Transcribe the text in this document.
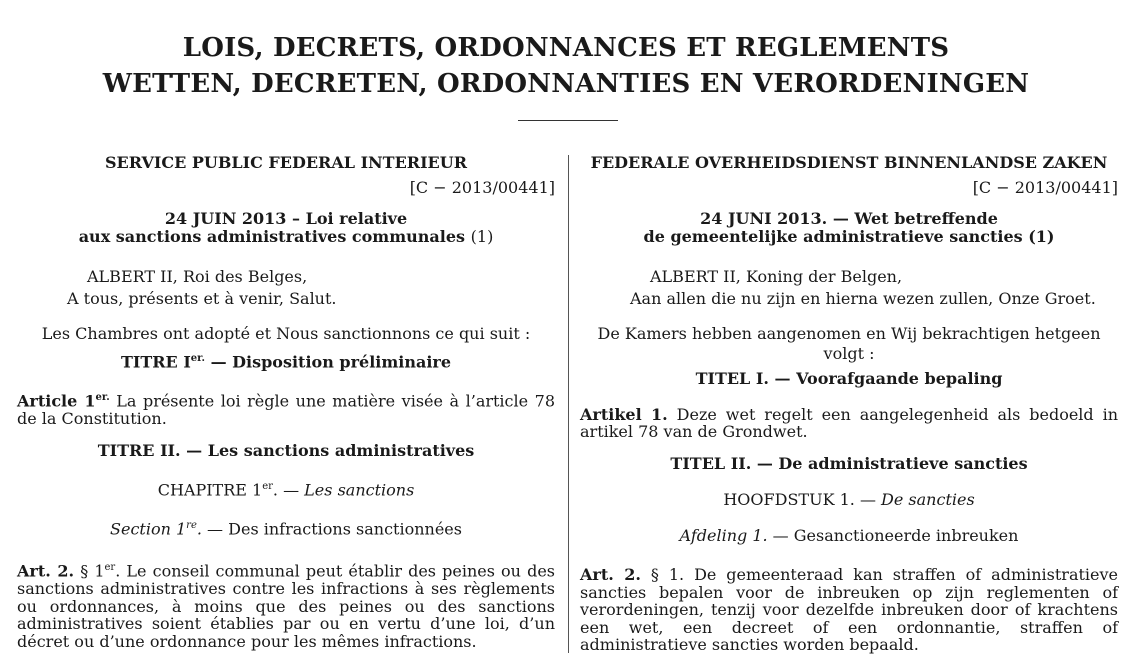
LOIS, DECRETS, ORDONNANCES ET REGLEMENTS
WETTEN, DECRETEN, ORDONNANTIES EN VERORDENINGEN
SERVICE PUBLIC FEDERAL INTERIEUR
[C − 2013/00441]
24 JUIN 2013 – Loi relative
aux sanctions administratives communales (1)
ALBERT II, Roi des Belges,
A tous, présents et à venir, Salut.
Les Chambres ont adopté et Nous sanctionnons ce qui suit :
TITRE $I^{er.}$ — Disposition préliminaire
Article $1^{er.}$ La présente loi règle une matière visée à l’article 78 de la Constitution.
TITRE II. — Les sanctions administratives
CHAPITRE 1er. — Les sanctions
Section 1re. — Des infractions sanctionnées
Art. 2. § 1er. Le conseil communal peut établir des peines ou des sanctions administratives contre les infractions à ses règlements ou ordonnances, à moins que des peines ou des sanctions administratives soient établies par ou en vertu d’une loi, d’un décret ou d’une ordonnance pour les mêmes infractions.
FEDERALE OVERHEIDSDIENST BINNENLANDSE ZAKEN
[C − 2013/00441]
24 JUNI 2013. — Wet betreffende
de gemeentelijke administratieve sancties (1)
ALBERT II, Koning der Belgen,
Aan allen die nu zijn en hierna wezen zullen, Onze Groet.
De Kamers hebben aangenomen en Wij bekrachtigen hetgeen volgt :
TITEL I. — Voorafgaande bepaling
Artikel 1. Deze wet regelt een aangelegenheid als bedoeld in artikel 78 van de Grondwet.
TITEL II. — De administratieve sancties
HOOFDSTUK 1. — De sancties
Afdeling 1. — Gesanctioneerde inbreuken
Art. 2. § 1. De gemeenteraad kan straffen of administratieve sancties bepalen voor de inbreuken op zijn reglementen of verordeningen, tenzij voor dezelfde inbreuken door of krachtens een wet, een decreet of een ordonnantie, straffen of administratieve sancties worden bepaald.
